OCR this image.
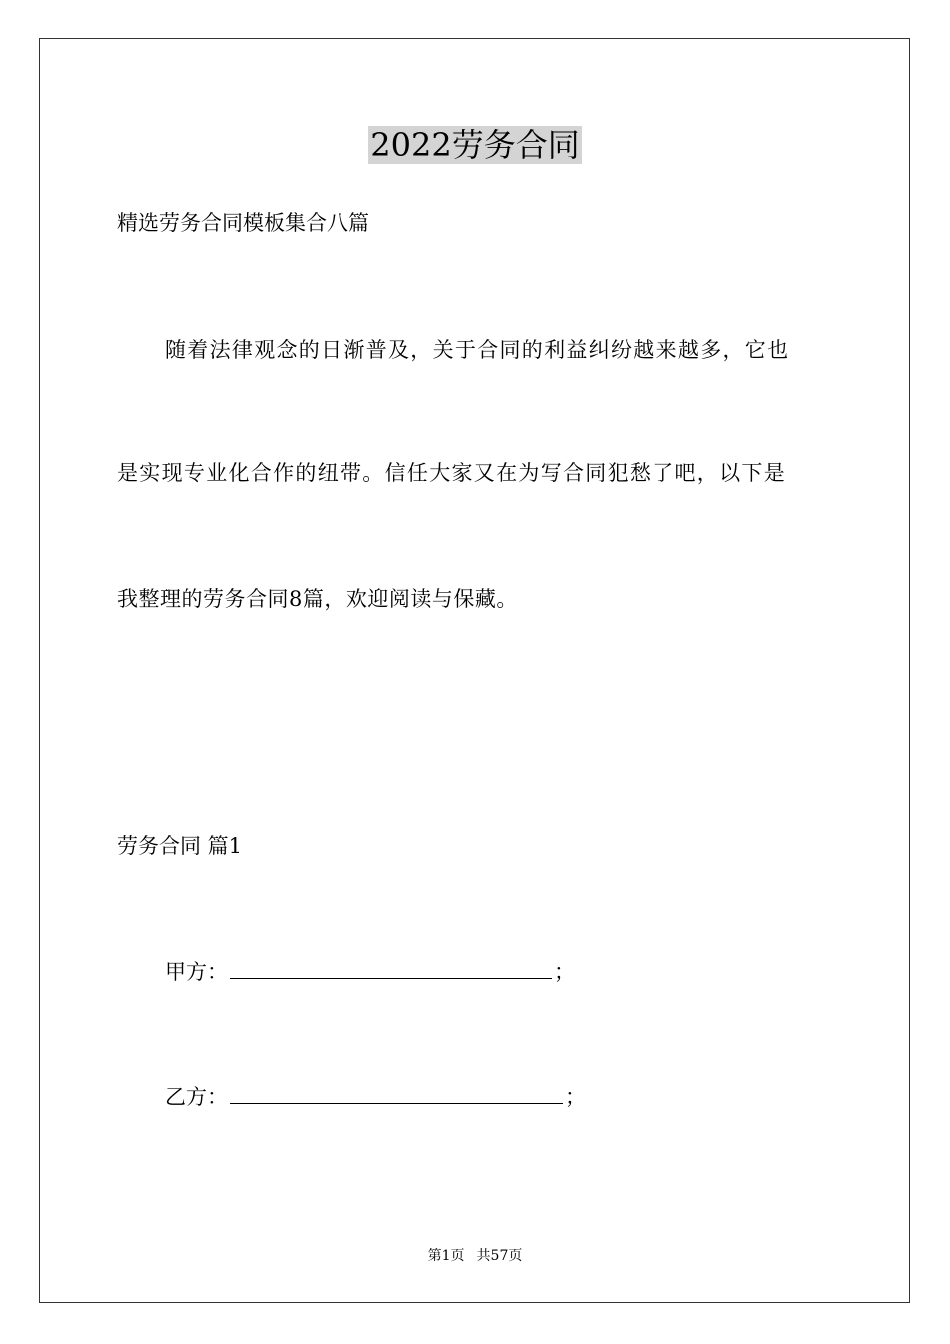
2022劳务合同
精选劳务合同模板集合八篇
随着法律观念的日渐普及，关于合同的利益纠纷越来越多，它也
是实现专业化合作的纽带。信任大家又在为写合同犯愁了吧，以下是
我整理的劳务合同8篇，欢迎阅读与保藏。
劳务合同 篇1
甲方：	；
乙方：	；
第1页 共57页
